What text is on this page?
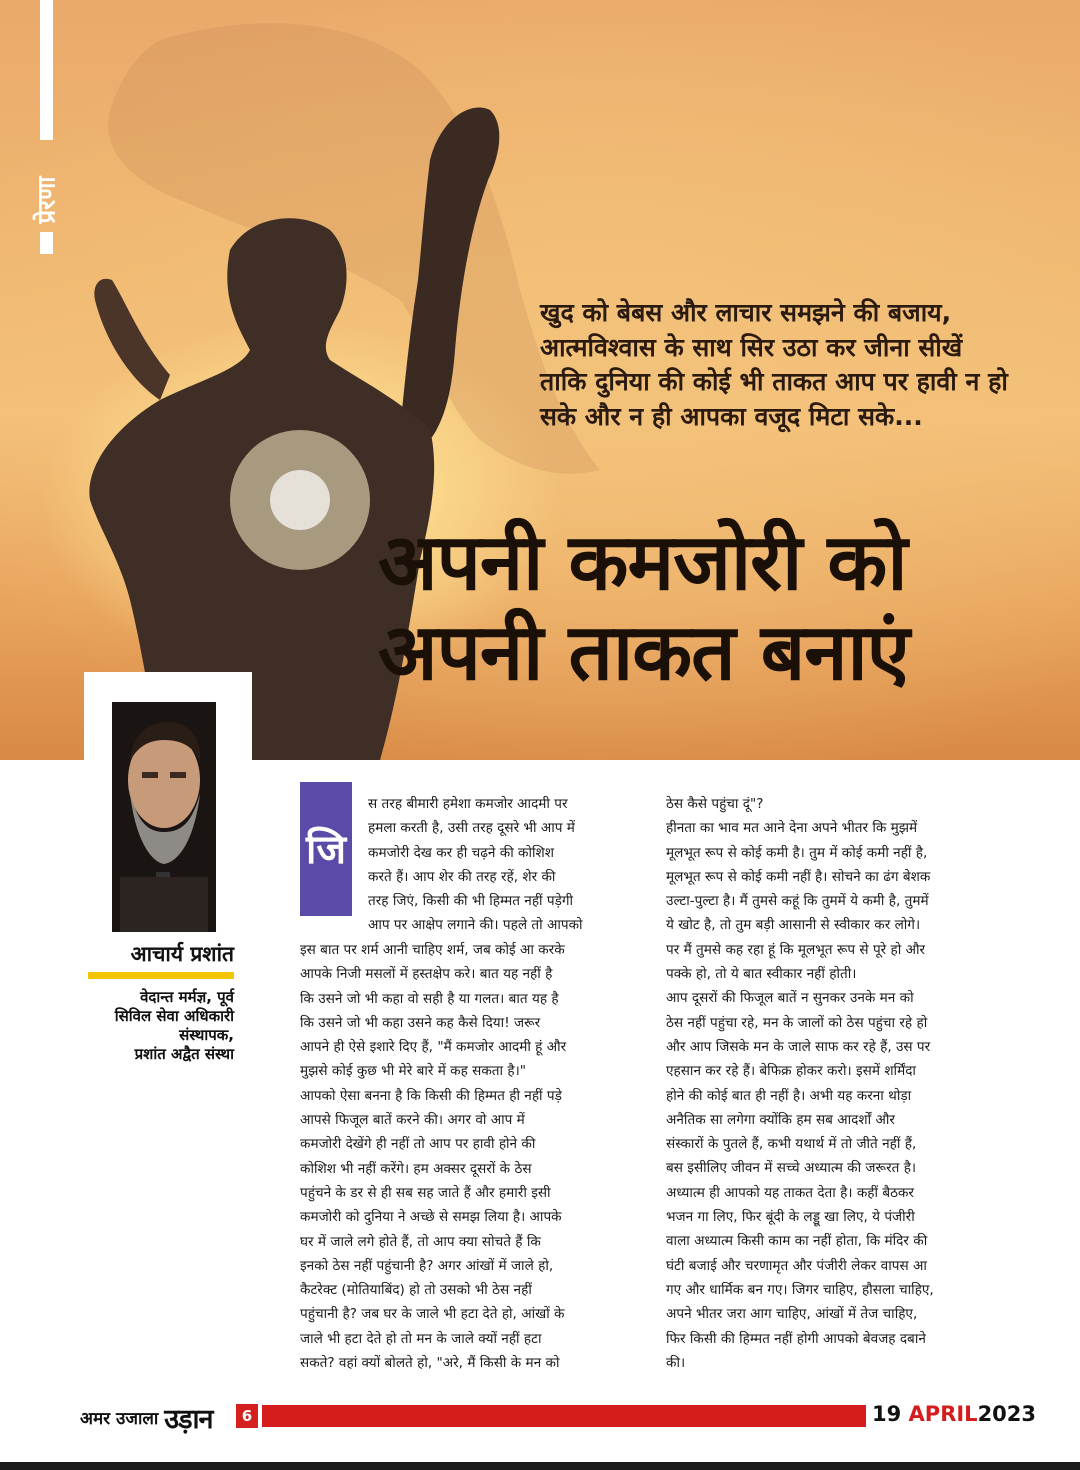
प्रेरणा

खुद को बेबस और लाचार समझने की बजाय, आत्मविश्वास के साथ सिर उठा कर जीना सीखें ताकि दुनिया की कोई भी ताकत आप पर हावी न हो सके और न ही आपका वजूद मिटा सके...

अपनी कमजोरी को
अपनी ताकत बनाएं
आचार्य प्रशांत

वेदान्त मर्मज्ञ, पूर्व
सिविल सेवा अधिकारी
संस्थापक,
प्रशांत अद्वैत संस्था

जि
स तरह बीमारी हमेशा कमजोर आदमी पर
हमला करती है, उसी तरह दूसरे भी आप में
कमजोरी देख कर ही चढ़ने की कोशिश
करते हैं। आप शेर की तरह रहें, शेर की
तरह जिएं, किसी की भी हिम्मत नहीं पड़ेगी
आप पर आक्षेप लगाने की। पहले तो आपको
इस बात पर शर्म आनी चाहिए शर्म, जब कोई आ करके
आपके निजी मसलों में हस्तक्षेप करे। बात यह नहीं है
कि उसने जो भी कहा वो सही है या गलत। बात यह है
कि उसने जो भी कहा उसने कह कैसे दिया! जरूर
आपने ही ऐसे इशारे दिए हैं, "मैं कमजोर आदमी हूं और
मुझसे कोई कुछ भी मेरे बारे में कह सकता है।"
आपको ऐसा बनना है कि किसी की हिम्मत ही नहीं पड़े
आपसे फिजूल बातें करने की। अगर वो आप में
कमजोरी देखेंगे ही नहीं तो आप पर हावी होने की
कोशिश भी नहीं करेंगे। हम अक्सर दूसरों के ठेस
पहुंचने के डर से ही सब सह जाते हैं और हमारी इसी
कमजोरी को दुनिया ने अच्छे से समझ लिया है। आपके
घर में जाले लगे होते हैं, तो आप क्या सोचते हैं कि
इनको ठेस नहीं पहुंचानी है? अगर आंखों में जाले हो,
कैटरेक्ट (मोतियाबिंद) हो तो उसको भी ठेस नहीं
पहुंचानी है? जब घर के जाले भी हटा देते हो, आंखों के
जाले भी हटा देते हो तो मन के जाले क्यों नहीं हटा
सकते? वहां क्यों बोलते हो, "अरे, मैं किसी के मन को
ठेस कैसे पहुंचा दूं"?
हीनता का भाव मत आने देना अपने भीतर कि मुझमें
मूलभूत रूप से कोई कमी है। तुम में कोई कमी नहीं है,
मूलभूत रूप से कोई कमी नहीं है। सोचने का ढंग बेशक
उल्टा-पुल्टा है। मैं तुमसे कहूं कि तुममें ये कमी है, तुममें
ये खोट है, तो तुम बड़ी आसानी से स्वीकार कर लोगे।
पर मैं तुमसे कह रहा हूं कि मूलभूत रूप से पूरे हो और
पक्के हो, तो ये बात स्वीकार नहीं होती।
आप दूसरों की फिजूल बातें न सुनकर उनके मन को
ठेस नहीं पहुंचा रहे, मन के जालों को ठेस पहुंचा रहे हो
और आप जिसके मन के जाले साफ कर रहे हैं, उस पर
एहसान कर रहे हैं। बेफिक्र होकर करो। इसमें शर्मिंदा
होने की कोई बात ही नहीं है। अभी यह करना थोड़ा
अनैतिक सा लगेगा क्योंकि हम सब आदर्शों और
संस्कारों के पुतले हैं, कभी यथार्थ में तो जीते नहीं हैं,
बस इसीलिए जीवन में सच्चे अध्यात्म की जरूरत है।
अध्यात्म ही आपको यह ताकत देता है। कहीं बैठकर
भजन गा लिए, फिर बूंदी के लड्डू खा लिए, ये पंजीरी
वाला अध्यात्म किसी काम का नहीं होता, कि मंदिर की
घंटी बजाई और चरणामृत और पंजीरी लेकर वापस आ
गए और धार्मिक बन गए। जिगर चाहिए, हौसला चाहिए,
अपने भीतर जरा आग चाहिए, आंखों में तेज चाहिए,
फिर किसी की हिम्मत नहीं होगी आपको बेवजह दबाने
की।
अमर उजाला उड़ान	6	19 APRIL2023
